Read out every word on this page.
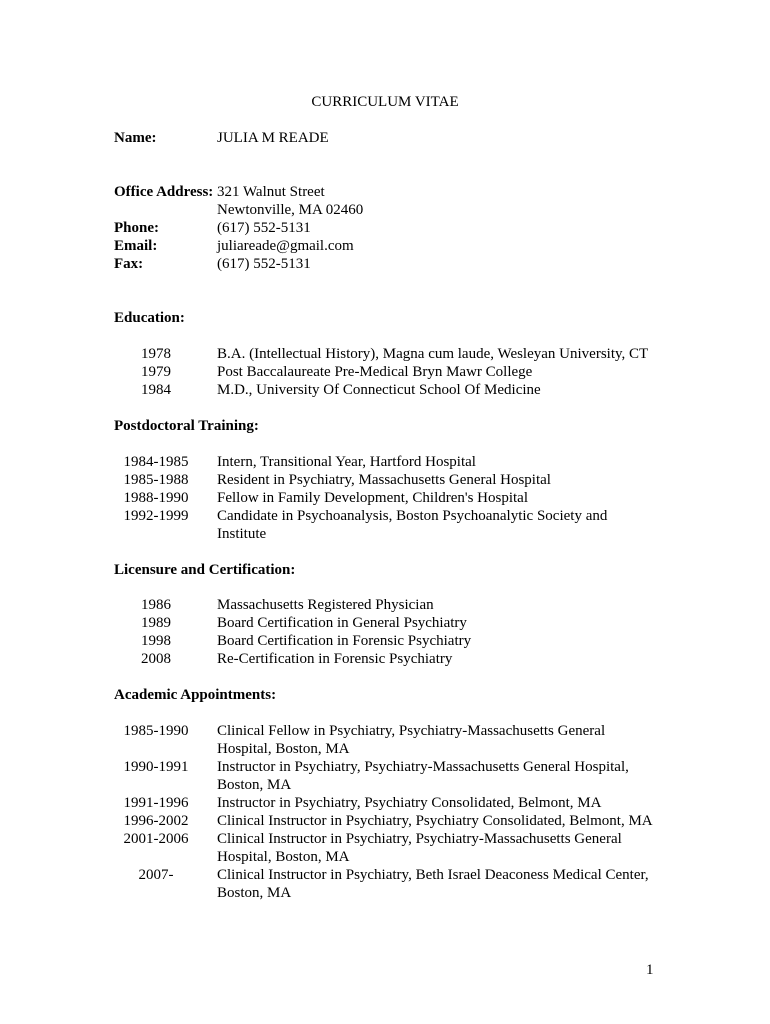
CURRICULUM VITAE
Name:	JULIA M READE
Office Address: 321 Walnut Street
Newtonville, MA 02460
Phone:	(617) 552-5131
Email:	juliareade@gmail.com
Fax:	(617) 552-5131
Education:
1978	B.A. (Intellectual History), Magna cum laude, Wesleyan University, CT
1979	Post Baccalaureate Pre-Medical Bryn Mawr College
1984	M.D., University Of Connecticut School Of Medicine
Postdoctoral Training:
1984-1985	Intern, Transitional Year, Hartford Hospital
1985-1988	Resident in Psychiatry, Massachusetts General Hospital
1988-1990	Fellow in Family Development, Children's Hospital
1992-1999	Candidate in Psychoanalysis, Boston Psychoanalytic Society and Institute
Licensure and Certification:
1986	Massachusetts Registered Physician
1989	Board Certification in General Psychiatry
1998	Board Certification in Forensic Psychiatry
2008	Re-Certification in Forensic Psychiatry
Academic Appointments:
1985-1990	Clinical Fellow in Psychiatry, Psychiatry-Massachusetts General Hospital, Boston, MA
1990-1991	Instructor in Psychiatry, Psychiatry-Massachusetts General Hospital, Boston, MA
1991-1996	Instructor in Psychiatry, Psychiatry Consolidated, Belmont, MA
1996-2002	Clinical Instructor in Psychiatry, Psychiatry Consolidated, Belmont, MA
2001-2006	Clinical Instructor in Psychiatry, Psychiatry-Massachusetts General Hospital, Boston, MA
2007-	Clinical Instructor in Psychiatry, Beth Israel Deaconess Medical Center, Boston, MA
1
